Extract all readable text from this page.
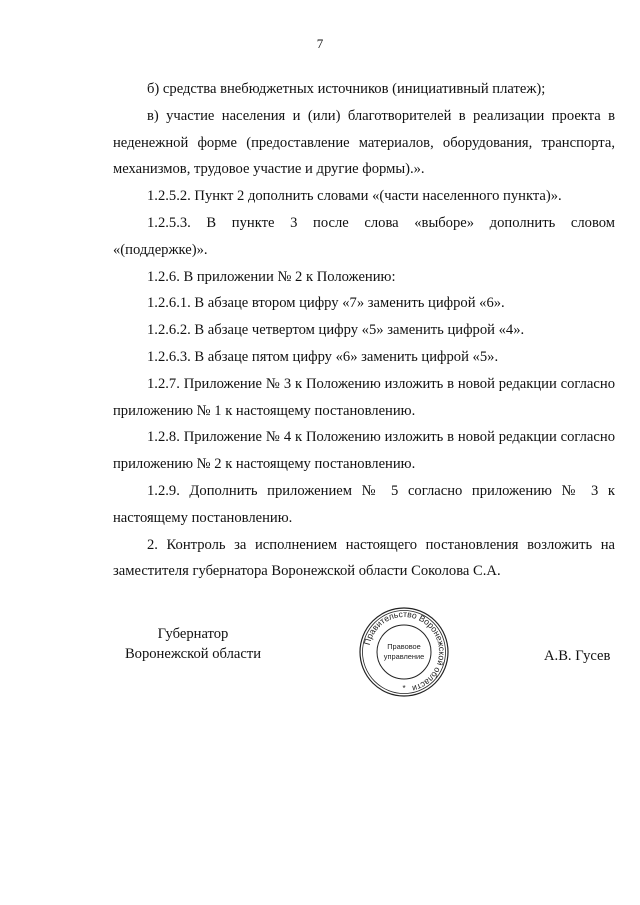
7

б) средства внебюджетных источников (инициативный платеж);

в) участие населения и (или) благотворителей в реализации проекта в неденежной форме (предоставление материалов, оборудования, транспорта, механизмов, трудовое участие и другие формы).».

1.2.5.2. Пункт 2 дополнить словами «(части населенного пункта)».

1.2.5.3. В пункте 3 после слова «выборе» дополнить словом «(поддержке)».

1.2.6. В приложении № 2 к Положению:

1.2.6.1. В абзаце втором цифру «7» заменить цифрой «6».

1.2.6.2. В абзаце четвертом цифру «5» заменить цифрой «4».

1.2.6.3. В абзаце пятом цифру «6» заменить цифрой «5».

1.2.7. Приложение № 3 к Положению изложить в новой редакции согласно приложению № 1 к настоящему постановлению.

1.2.8. Приложение № 4 к Положению изложить в новой редакции согласно приложению № 2 к настоящему постановлению.

1.2.9. Дополнить приложением № 5 согласно приложению № 3 к настоящему постановлению.

2. Контроль за исполнением настоящего постановления возложить на заместителя губернатора Воронежской области Соколова С.А.

Губернатор
Воронежской области
Правительство Воронежской области
Правовое
управление
*
А.В. Гусев
